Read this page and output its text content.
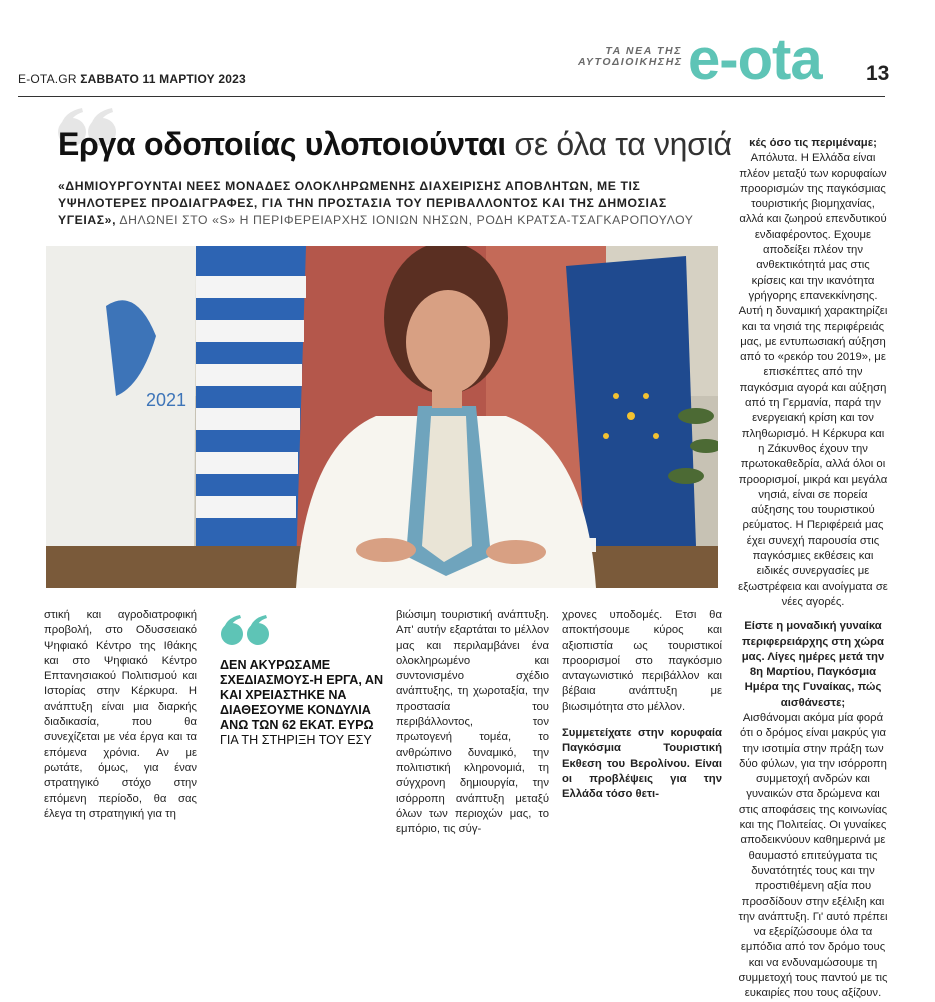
E-OTA.GR ΣΑΒΒΑΤΟ 11 ΜΑΡΤΙΟΥ 2023
ΤΑ ΝΕΑ ΤΗΣ
ΑΥΤΟΔΙΟΙΚΗΣΗΣ e-ota 13
Εργα οδοποιίας υλοποιούνται σε όλα τα νησιά
«ΔΗΜΙΟΥΡΓΟΥΝΤΑΙ ΝΕΕΣ ΜΟΝΑΔΕΣ ΟΛΟΚΛΗΡΩΜΕΝΗΣ ΔΙΑΧΕΙΡΙΣΗΣ ΑΠΟΒΛΗΤΩΝ, ΜΕ ΤΙΣ ΥΨΗΛΟΤΕΡΕΣ ΠΡΟΔΙΑΓΡΑΦΕΣ, ΓΙΑ ΤΗΝ ΠΡΟΣΤΑΣΙΑ ΤΟΥ ΠΕΡΙΒΑΛΛΟΝΤΟΣ ΚΑΙ ΤΗΣ ΔΗΜΟΣΙΑΣ ΥΓΕΙΑΣ», ΔΗΛΩΝΕΙ ΣΤΟ «S» Η ΠΕΡΙΦΕΡΕΙΑΡΧΗΣ ΙΟΝΙΩΝ ΝΗΣΩΝ, ΡΟΔΗ ΚΡΑΤΣΑ-ΤΣΑΓΚΑΡΟΠΟΥΛΟΥ
2021

κές όσο τις περιμέναμε;

Απόλυτα. Η Ελλάδα είναι πλέον μεταξύ των κορυφαίων προορισμών της παγκόσμιας τουριστικής βιομηχανίας, αλλά και ζωηρού επενδυτικού ενδιαφέροντος. Εχουμε αποδείξει πλέον την ανθεκτικότητά μας στις κρίσεις και την ικανότητα γρήγορης επανεκκίνησης. Αυτή η δυναμική χαρακτηρίζει και τα νησιά της περιφέρειάς μας, με εντυπωσιακή αύξηση από το «ρεκόρ του 2019», με επισκέπτες από την παγκόσμια αγορά και αύξηση από τη Γερμανία, παρά την ενεργειακή κρίση και τον πληθωρισμό. Η Κέρκυρα και η Ζάκυνθος έχουν την πρωτοκαθεδρία, αλλά όλοι οι προορισμοί, μικρά και μεγάλα νησιά, είναι σε πορεία αύξησης του τουριστικού ρεύματος. Η Περιφέρειά μας έχει συνεχή παρουσία στις παγκόσμιες εκθέσεις και ειδικές συνεργασίες με εξωστρέφεια και ανοίγματα σε νέες αγορές.

Είστε η μοναδική γυναίκα περιφερειάρχης στη χώρα μας. Λίγες ημέρες μετά την 8η Μαρτίου, Παγκόσμια Ημέρα της Γυναίκας, πώς αισθάνεστε;

Αισθάνομαι ακόμα μία φορά ότι ο δρόμος είναι μακρύς για την ισοτιμία στην πράξη των δύο φύλων, για την ισόρροπη συμμετοχή ανδρών και γυναικών στα δρώμενα και στις αποφάσεις της κοινωνίας και της Πολιτείας. Οι γυναίκες αποδεικνύουν καθημερινά με θαυμαστό επιτεύγματα τις δυνατότητές τους και την προστιθέμενη αξία που προσδίδουν στην εξέλιξη και την ανάπτυξη. Γι' αυτό πρέπει να εξερίζώσουμε όλα τα εμπόδια από τον δρόμο τους και να ενδυναμώσουμε τη συμμετοχή τους παντού με τις ευκαιρίες που τους αξίζουν.

στική και αγροδιατροφική προβολή, στο Οδυσσειακό Ψηφιακό Κέντρο της Ιθάκης και στο Ψηφιακό Κέντρο Επτανησιακού Πολιτισμού και Ιστορίας στην Κέρκυρα. Η ανάπτυξη είναι μια διαρκής διαδικασία, που θα συνεχίζεται με νέα έργα και τα επόμενα χρόνια. Αν με ρωτάτε, όμως, για έναν στρατηγικό στόχο στην επόμενη περίοδο, θα σας έλεγα τη στρατηγική για τη
ΔΕΝ ΑΚΥΡΩΣΑΜΕ ΣΧΕΔΙΑΣΜΟΥΣ-Η ΕΡΓΑ, ΑΝ ΚΑΙ ΧΡΕΙΑΣΤΗΚΕ ΝΑ ΔΙΑΘΕΣΟΥΜΕ ΚΟΝΔΥΛΙΑ ΑΝΩ ΤΩΝ 62 ΕΚΑΤ. ΕΥΡΩ ΓΙΑ ΤΗ ΣΤΗΡΙΞΗ ΤΟΥ ΕΣΥ
βιώσιμη τουριστική ανάπτυξη. Απ' αυτήν εξαρτάται το μέλλον μας και περιλαμβάνει ένα ολοκληρωμένο και συντονισμένο σχέδιο ανάπτυξης, τη χωροταξία, την προστασία του περιβάλλοντος, τον πρωτογενή τομέα, το ανθρώπινο δυναμικό, την πολιτιστική κληρονομιά, τη σύγχρονη δημιουργία, την ισόρροπη ανάπτυξη μεταξύ όλων των περιοχών μας, το εμπόριο, τις σύγ-
χρονες υποδομές. Ετσι θα αποκτήσουμε κύρος και αξιοπιστία ως τουριστικοί προορισμοί στο παγκόσμιο ανταγωνιστικό περιβάλλον και βέβαια ανάπτυξη με βιωσιμότητα στο μέλλον.
Συμμετείχατε στην κορυφαία Παγκόσμια Τουριστική Εκθεση του Βερολίνου. Είναι οι προβλέψεις για την Ελλάδα τόσο θετι-
